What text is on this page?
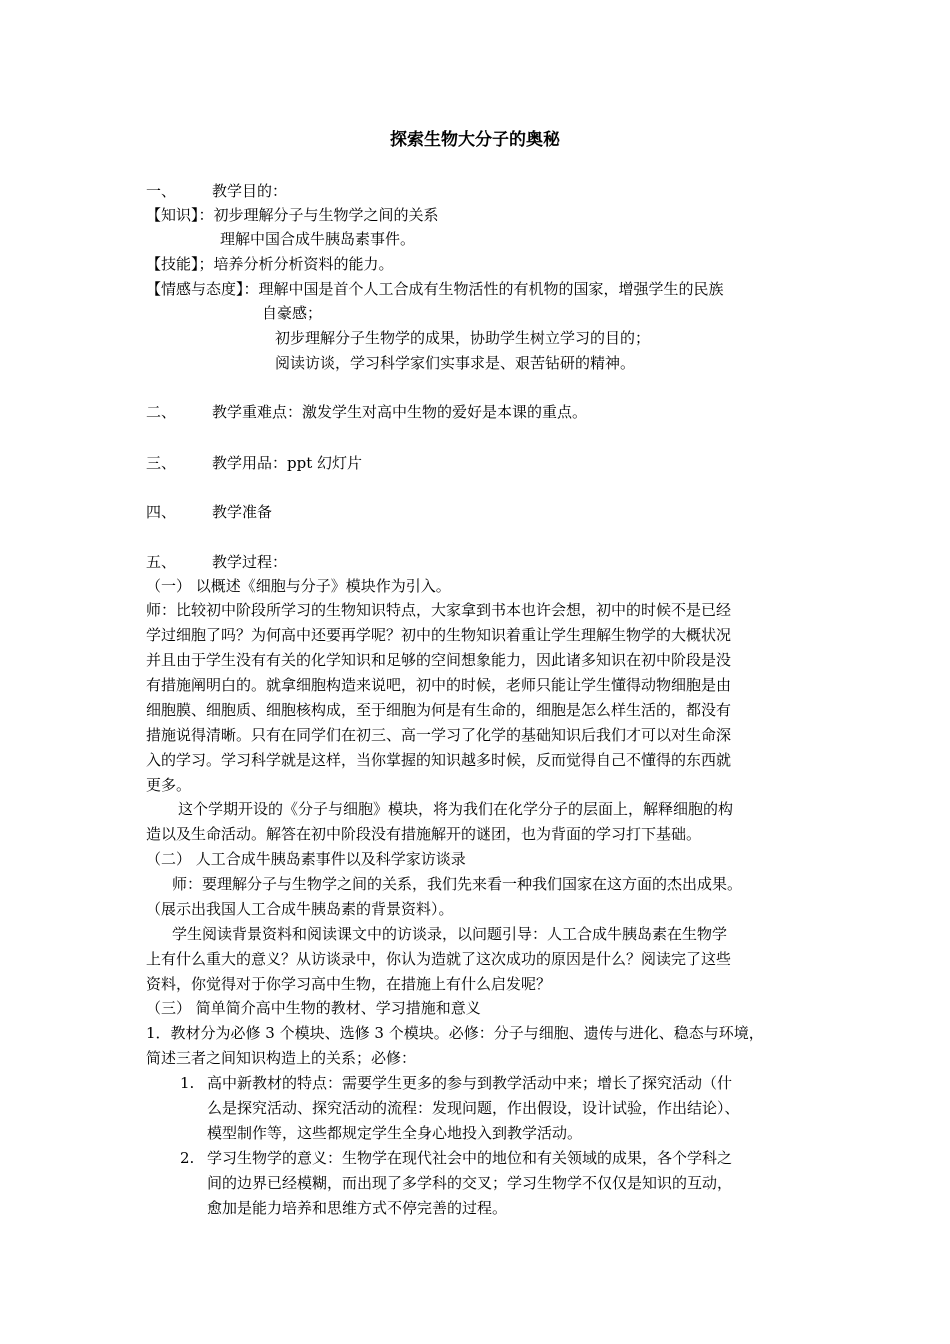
探索生物大分子的奥秘
一、 教学目的：
【知识】：初步理解分子与生物学之间的关系
理解中国合成牛胰岛素事件。
【技能】；培养分析分析资料的能力。
【情感与态度】：理解中国是首个人工合成有生物活性的有机物的国家，增强学生的民族
自豪感；
初步理解分子生物学的成果，协助学生树立学习的目的；
阅读访谈，学习科学家们实事求是、艰苦钻研的精神。
二、 教学重难点：激发学生对高中生物的爱好是本课的重点。
三、 教学用品：ppt 幻灯片
四、 教学准备
五、 教学过程：
（一） 以概述《细胞与分子》模块作为引入。
师：比较初中阶段所学习的生物知识特点，大家拿到书本也许会想，初中的时候不是已经
学过细胞了吗？为何高中还要再学呢？初中的生物知识着重让学生理解生物学的大概状况
并且由于学生没有有关的化学知识和足够的空间想象能力，因此诸多知识在初中阶段是没
有措施阐明白的。就拿细胞构造来说吧，初中的时候，老师只能让学生懂得动物细胞是由
细胞膜、细胞质、细胞核构成，至于细胞为何是有生命的，细胞是怎么样生活的，都没有
措施说得清晰。只有在同学们在初三、高一学习了化学的基础知识后我们才可以对生命深
入的学习。学习科学就是这样，当你掌握的知识越多时候，反而觉得自己不懂得的东西就
更多。
这个学期开设的《分子与细胞》模块，将为我们在化学分子的层面上，解释细胞的构
造以及生命活动。解答在初中阶段没有措施解开的谜团，也为背面的学习打下基础。
（二） 人工合成牛胰岛素事件以及科学家访谈录
师：要理解分子与生物学之间的关系，我们先来看一种我们国家在这方面的杰出成果。
（展示出我国人工合成牛胰岛素的背景资料）。
学生阅读背景资料和阅读课文中的访谈录，以问题引导：人工合成牛胰岛素在生物学
上有什么重大的意义？从访谈录中，你认为造就了这次成功的原因是什么？阅读完了这些
资料，你觉得对于你学习高中生物，在措施上有什么启发呢？
（三） 简单简介高中生物的教材、学习措施和意义
1．教材分为必修 3 个模块、选修 3 个模块。必修：分子与细胞、遗传与进化、稳态与环境，
简述三者之间知识构造上的关系；必修：
1. 高中新教材的特点：需要学生更多的参与到教学活动中来；增长了探究活动（什
么是探究活动、探究活动的流程：发现问题，作出假设，设计试验，作出结论）、
模型制作等，这些都规定学生全身心地投入到教学活动。
2. 学习生物学的意义：生物学在现代社会中的地位和有关领域的成果，各个学科之
间的边界已经模糊，而出现了多学科的交叉；学习生物学不仅仅是知识的互动，
愈加是能力培养和思维方式不停完善的过程。
